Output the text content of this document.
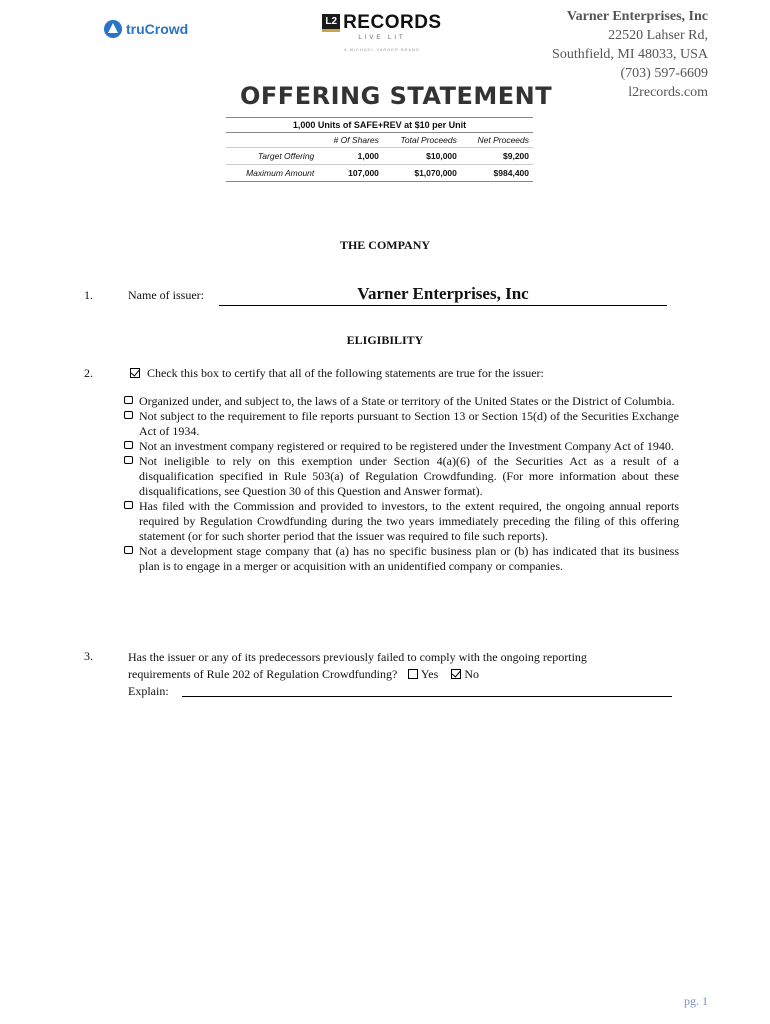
truCrowd	L2 RECORDS
LIVE LIT
A MICHAEL VARNER BRAND
Varner Enterprises, Inc
22520 Lahser Rd,
Southfield, MI 48033, USA
(703) 597-6609
l2records.com
OFFERING STATEMENT
1,000 Units of SAFE+REV at $10 per Unit
	# Of Shares	Total Proceeds	Net Proceeds
Target Offering	1,000	$10,000	$9,200
Maximum Amount	107,000	$1,070,000	$984,400
THE COMPANY
1.	Name of issuer:	Varner Enterprises, Inc
ELIGIBILITY
2.	Check this box to certify that all of the following statements are true for the issuer:

Organized under, and subject to, the laws of a State or territory of the United States or the District of Columbia.

Not subject to the requirement to file reports pursuant to Section 13 or Section 15(d) of the Securities Exchange Act of 1934.

Not an investment company registered or required to be registered under the Investment Company Act of 1940.

Not ineligible to rely on this exemption under Section 4(a)(6) of the Securities Act as a result of a disqualification specified in Rule 503(a) of Regulation Crowdfunding. (For more information about these disqualifications, see Question 30 of this Question and Answer format).

Has filed with the Commission and provided to investors, to the extent required, the ongoing annual reports required by Regulation Crowdfunding during the two years immediately preceding the filing of this offering statement (or for such shorter period that the issuer was required to file such reports).

Not a development stage company that (a) has no specific business plan or (b) has indicated that its business plan is to engage in a merger or acquisition with an unidentified company or companies.

3.	Has the issuer or any of its predecessors previously failed to comply with the ongoing reporting
requirements of Rule 202 of Regulation Crowdfunding? Yes No
Explain:
pg. 1
